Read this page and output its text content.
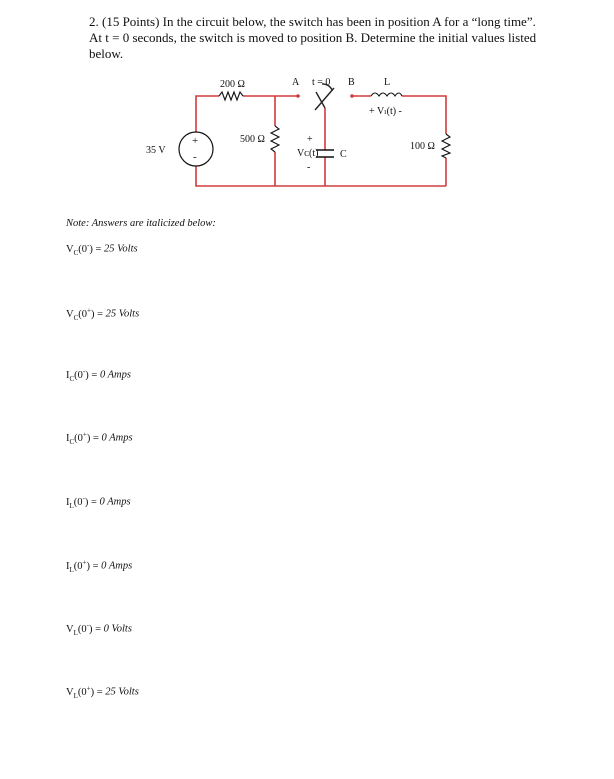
2. (15 Points) In the circuit below, the switch has been in position A for a “long time”.
At t = 0 seconds, the switch is moved to position B. Determine the initial values listed
below.
+
-
35 V
200 Ω
500 Ω
100 Ω
A t = 0 B	L
+ Vₗ(t) -
+
Vᴄ(t)
-
C
Note: Answers are italicized below:
$V_C(0^-) = 25$ Volts
$V_C(0^+) = 25$ Volts
$I_C(0^-) = 0$ Amps
$I_C(0^+) = 0$ Amps
$I_L(0^-) = 0$ Amps
$I_L(0^+) = 0$ Amps
$V_L(0^-) = 0$ Volts
$V_L(0^+) = 25$ Volts
